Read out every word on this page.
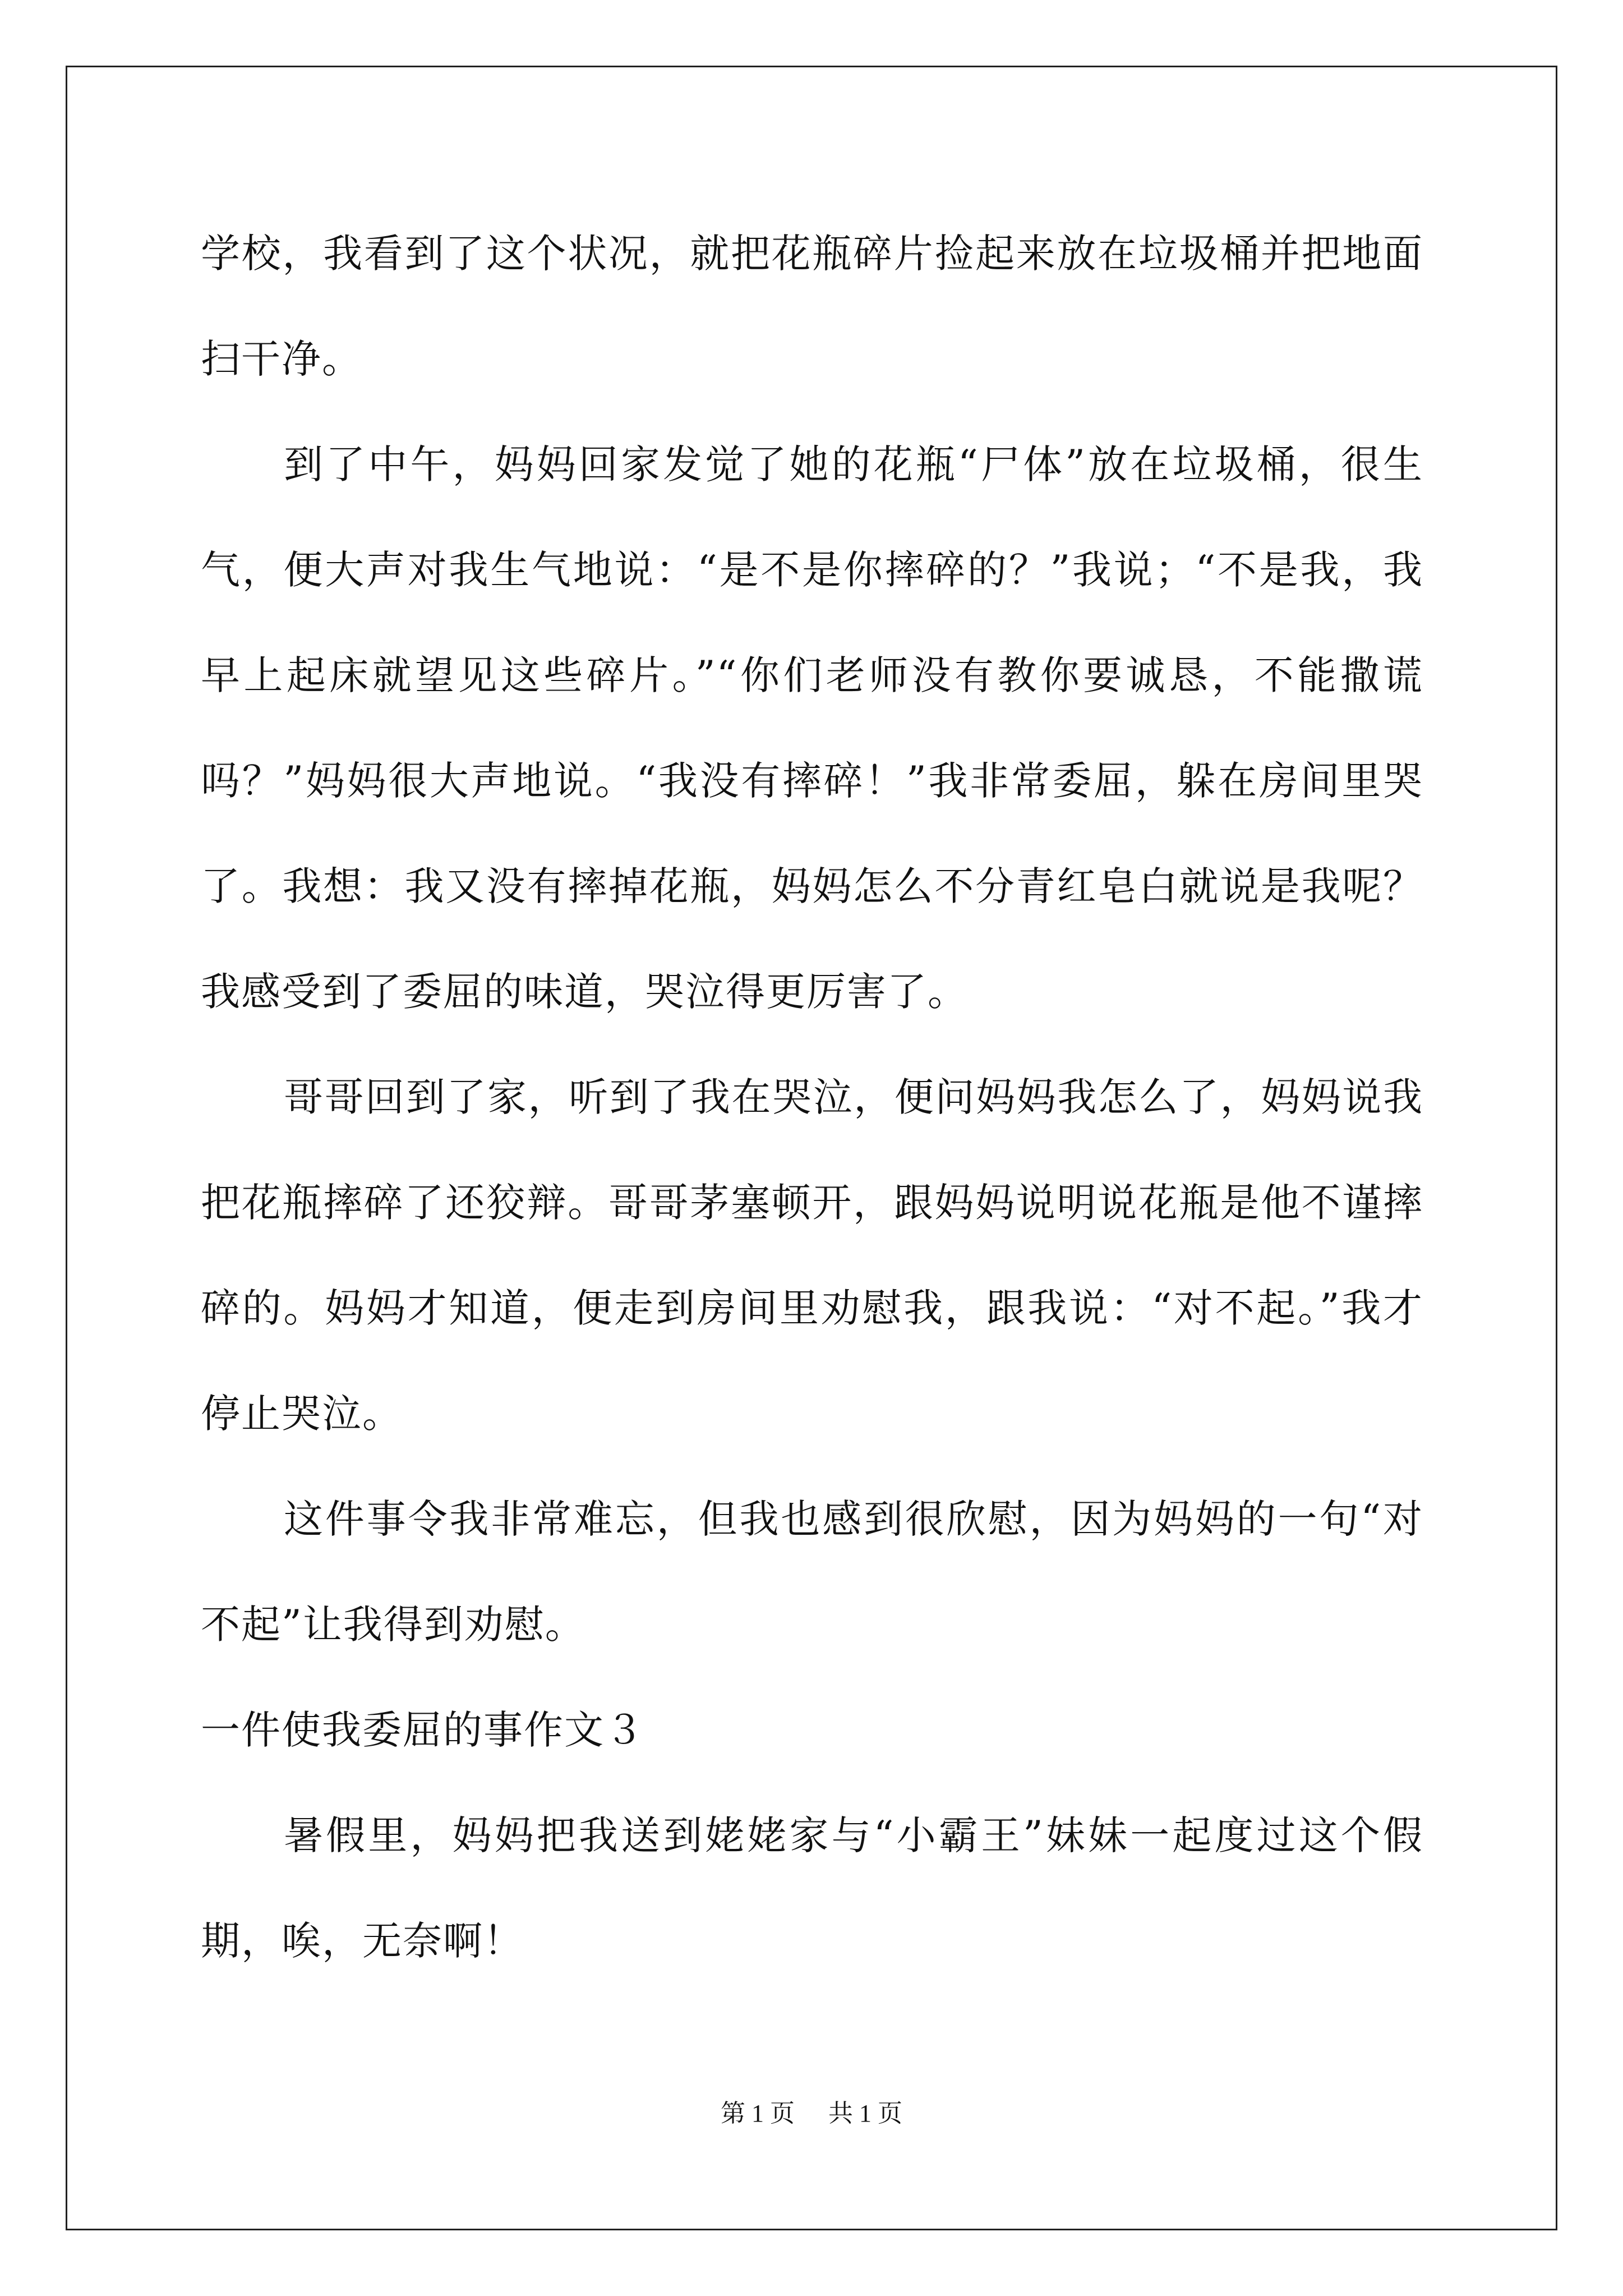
学校，我看到了这个状况，就把花瓶碎片捡起来放在垃圾桶并把地面扫干净。

到了中午，妈妈回家发觉了她的花瓶“尸体”放在垃圾桶，很生气，便大声对我生气地说：“是不是你摔碎的？”我说；“不是我，我早上起床就望见这些碎片。”“你们老师没有教你要诚恳，不能撒谎吗？”妈妈很大声地说。“我没有摔碎！”我非常委屈，躲在房间里哭了。我想：我又没有摔掉花瓶，妈妈怎么不分青红皂白就说是我呢？我感受到了委屈的味道，哭泣得更厉害了。

哥哥回到了家，听到了我在哭泣，便问妈妈我怎么了，妈妈说我把花瓶摔碎了还狡辩。哥哥茅塞顿开，跟妈妈说明说花瓶是他不谨摔碎的。妈妈才知道，便走到房间里劝慰我，跟我说：“对不起。”我才停止哭泣。

这件事令我非常难忘，但我也感到很欣慰，因为妈妈的一句“对不起”让我得到劝慰。

一件使我委屈的事作文３

暑假里，妈妈把我送到姥姥家与“小霸王”妹妹一起度过这个假期，唉，无奈啊！

第 1 页 共 1 页
